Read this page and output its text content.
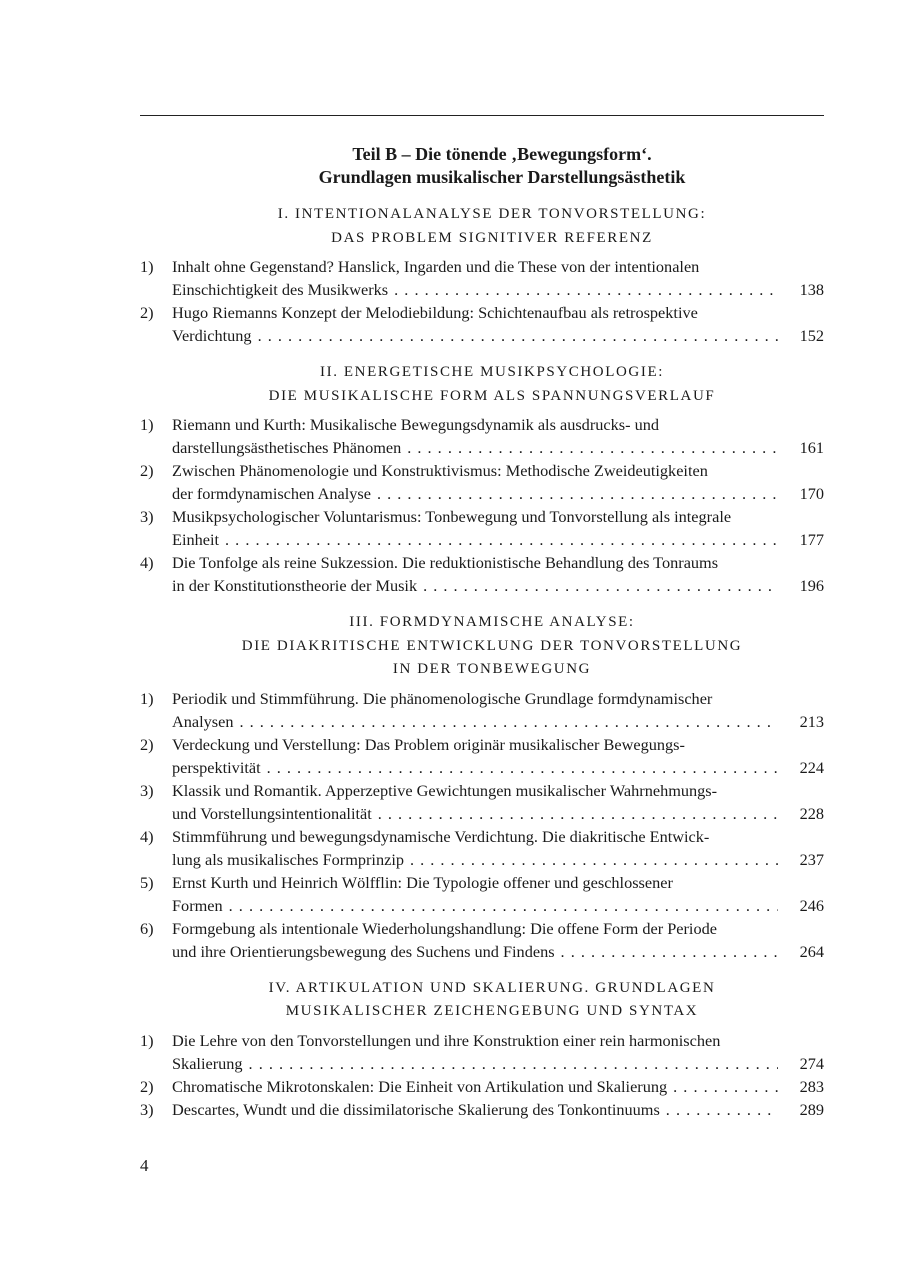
Teil B – Die tönende ‚Bewegungsform‘.
Grundlagen musikalischer Darstellungsästhetik
I. INTENTIONALANALYSE DER TONVORSTELLUNG:
DAS PROBLEM SIGNITIVER REFERENZ
1) Inhalt ohne Gegenstand? Hanslick, Ingarden und die These von der intentionalen
Einschichtigkeit des Musikwerks . . .	138
2) Hugo Riemanns Konzept der Melodiebildung: Schichtenaufbau als retrospektive
Verdichtung . . .	152
II. ENERGETISCHE MUSIKPSYCHOLOGIE:
DIE MUSIKALISCHE FORM ALS SPANNUNGSVERLAUF
1) Riemann und Kurth: Musikalische Bewegungsdynamik als ausdrucks- und
darstellungsästhetisches Phänomen . . .	161
2) Zwischen Phänomenologie und Konstruktivismus: Methodische Zweideutigkeiten
der formdynamischen Analyse . . .	170
3) Musikpsychologischer Voluntarismus: Tonbewegung und Tonvorstellung als integrale
Einheit . . .	177
4) Die Tonfolge als reine Sukzession. Die reduktionistische Behandlung des Tonraums
in der Konstitutionstheorie der Musik . . .	196
III. FORMDYNAMISCHE ANALYSE:
DIE DIAKRITISCHE ENTWICKLUNG DER TONVORSTELLUNG
IN DER TONBEWEGUNG
1) Periodik und Stimmführung. Die phänomenologische Grundlage formdynamischer
Analysen . . .	213
2) Verdeckung und Verstellung: Das Problem originär musikalischer Bewegungs-
perspektivität . . .	224
3) Klassik und Romantik. Apperzeptive Gewichtungen musikalischer Wahrnehmungs-
und Vorstellungsintentionalität . . .	228
4) Stimmführung und bewegungsdynamische Verdichtung. Die diakritische Entwick-
lung als musikalisches Formprinzip . . .	237
5) Ernst Kurth und Heinrich Wölfflin: Die Typologie offener und geschlossener
Formen . . .	246
6) Formgebung als intentionale Wiederholungshandlung: Die offene Form der Periode
und ihre Orientierungsbewegung des Suchens und Findens . . .	264
IV. ARTIKULATION UND SKALIERUNG. GRUNDLAGEN
MUSIKALISCHER ZEICHENGEBUNG UND SYNTAX
1) Die Lehre von den Tonvorstellungen und ihre Konstruktion einer rein harmonischen
Skalierung . . .	274
2) Chromatische Mikrotonskalen: Die Einheit von Artikulation und Skalierung . . .	283
3) Descartes, Wundt und die dissimilatorische Skalierung des Tonkontinuums . . .	289
4
